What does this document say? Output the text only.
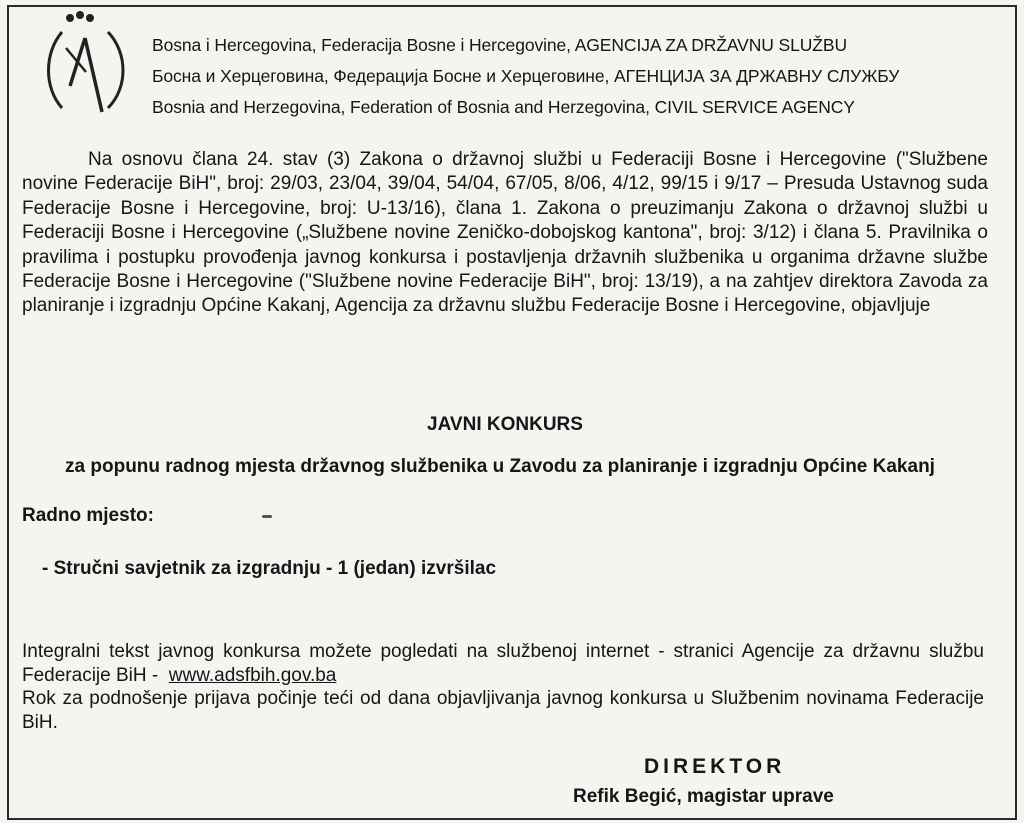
Bosna i Hercegovina, Federacija Bosne i Hercegovine, AGENCIJA ZA DRŽAVNU SLUŽBU
Босна и Херцеговина, Федерација Босне и Херцеговине, АГЕНЦИЈА ЗА ДРЖАВНУ СЛУЖБУ
Bosnia and Herzegovina, Federation of Bosnia and Herzegovina, CIVIL SERVICE AGENCY

Na osnovu člana 24. stav (3) Zakona o državnoj službi u Federaciji Bosne i Hercegovine ("Službene novine Federacije BiH", broj: 29/03, 23/04, 39/04, 54/04, 67/05, 8/06, 4/12, 99/15 i 9/17 – Presuda Ustavnog suda Federacije Bosne i Hercegovine, broj: U-13/16), člana 1. Zakona o preuzimanju Zakona o državnoj službi u Federaciji Bosne i Hercegovine („Službene novine Zeničko-dobojskog kantona", broj: 3/12) i člana 5. Pravilnika o pravilima i postupku provođenja javnog konkursa i postavljenja državnih službenika u organima državne službe Federacije Bosne i Hercegovine ("Službene novine Federacije BiH", broj: 13/19), a na zahtjev direktora Zavoda za planiranje i izgradnju Općine Kakanj, Agencija za državnu službu Federacije Bosne i Hercegovine, objavljuje

JAVNI KONKURS
za popunu radnog mjesta državnog službenika u Zavodu za planiranje i izgradnju Općine Kakanj
Radno mjesto:
- Stručni savjetnik za izgradnju - 1 (jedan) izvršilac

Integralni tekst javnog konkursa možete pogledati na službenoj internet - stranici Agencije za državnu službu Federacije BiH - www.adsfbih.gov.ba

Rok za podnošenje prijava počinje teći od dana objavljivanja javnog konkursa u Službenim novinama Federacije BiH.

DIREKTOR
Refik Begić, magistar uprave
